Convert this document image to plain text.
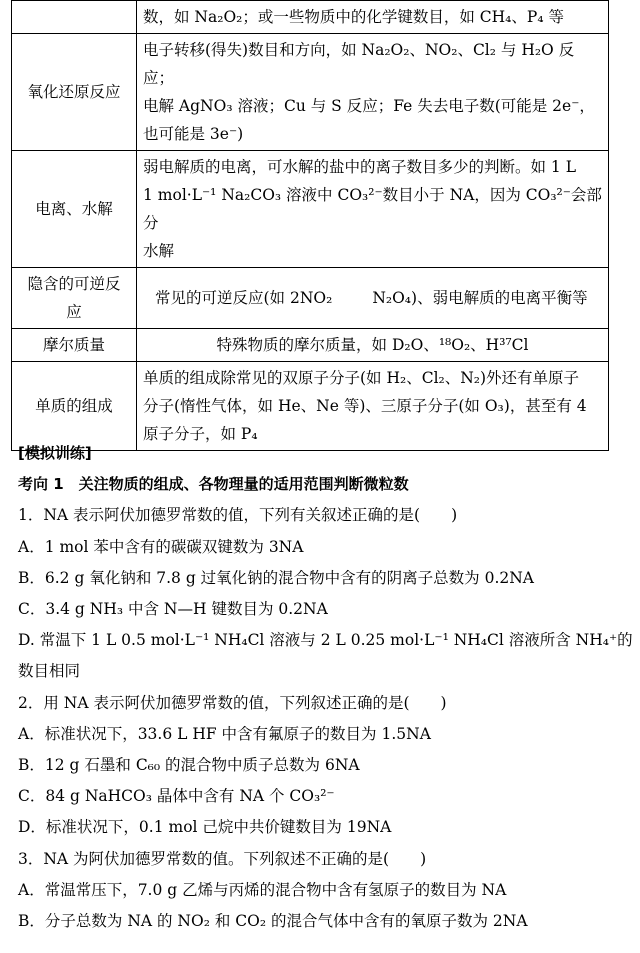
	数，如 Na₂O₂；或一些物质中的化学键数目，如 CH₄、P₄ 等

氧化还原反应	电子转移(得失)数目和方向，如 Na₂O₂、NO₂、Cl₂ 与 H₂O 反应；
电解 AgNO₃ 溶液；Cu 与 S 反应；Fe 失去电子数(可能是 2e⁻，
也可能是 3e⁻)

电离、水解	弱电解质的电离，可水解的盐中的离子数目多少的判断。如 1 L
1 mol·L⁻¹ Na₂CO₃ 溶液中 CO₃²⁻数目小于 NA，因为 CO₃²⁻会部分
水解

隐含的可逆反
应	常见的可逆反应(如 2NO₂ N₂O₄)、弱电解质的电离平衡等
摩尔质量	特殊物质的摩尔质量，如 D₂O、¹⁸O₂、H³⁷Cl

单质的组成	单质的组成除常见的双原子分子(如 H₂、Cl₂、N₂)外还有单原子
分子(惰性气体，如 He、Ne 等)、三原子分子(如 O₃)，甚至有 4
原子分子，如 P₄
[模拟训练]
考向 1　关注物质的组成、各物理量的适用范围判断微粒数
1．NA 表示阿伏加德罗常数的值，下列有关叙述正确的是(　　)
A．1 mol 苯中含有的碳碳双键数为 3NA
B．6.2 g 氧化钠和 7.8 g 过氧化钠的混合物中含有的阴离子总数为 0.2NA
C．3.4 g NH₃ 中含 N—H 键数目为 0.2NA
D. 常温下 1 L 0.5 mol·L⁻¹ NH₄Cl 溶液与 2 L 0.25 mol·L⁻¹ NH₄Cl 溶液所含 NH₄⁺的
数目相同
2．用 NA 表示阿伏加德罗常数的值，下列叙述正确的是(　　)
A．标准状况下，33.6 L HF 中含有氟原子的数目为 1.5NA
B．12 g 石墨和 C₆₀ 的混合物中质子总数为 6NA
C．84 g NaHCO₃ 晶体中含有 NA 个 CO₃²⁻
D．标准状况下，0.1 mol 己烷中共价键数目为 19NA
3．NA 为阿伏加德罗常数的值。下列叙述不正确的是(　　)
A．常温常压下，7.0 g 乙烯与丙烯的混合物中含有氢原子的数目为 NA
B．分子总数为 NA 的 NO₂ 和 CO₂ 的混合气体中含有的氧原子数为 2NA
